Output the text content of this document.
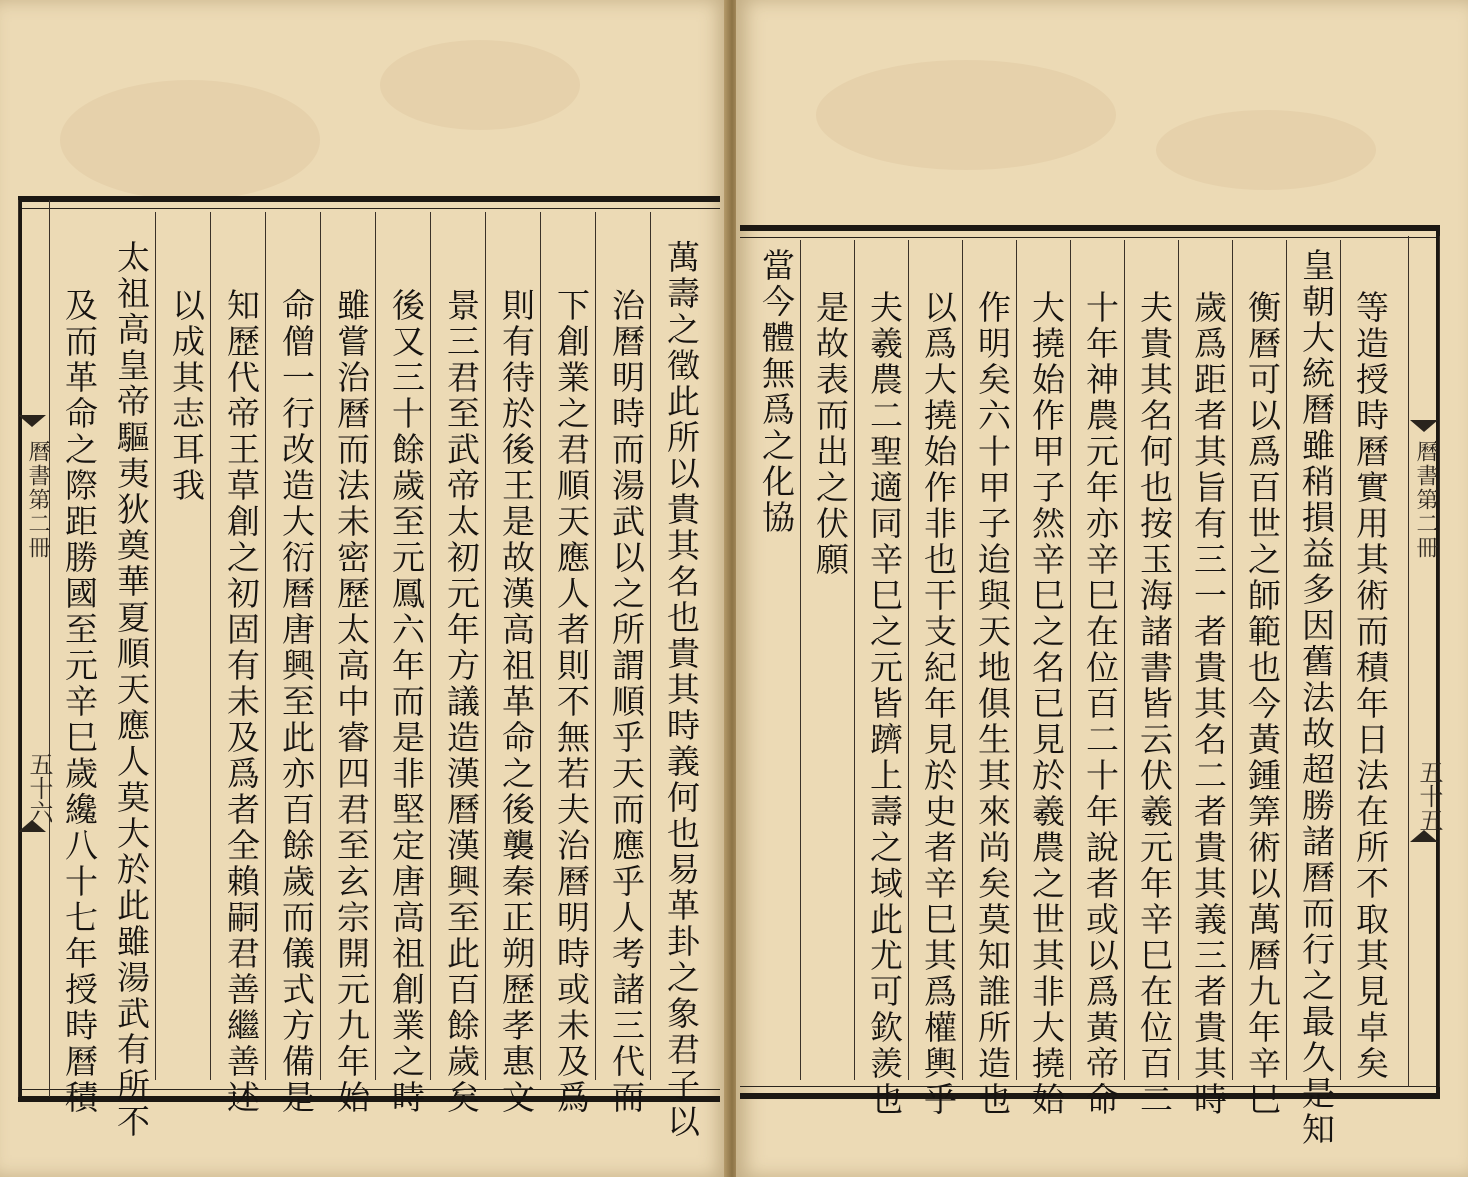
曆書第二冊
五十六	萬壽之徵此所以貴其名也貴其時義何也易革卦之象君子以
治曆明時而湯武以之所謂順乎天而應乎人考諸三代而
下創業之君順天應人者則不無若夫治曆明時或未及爲
則有待於後王是故漢高祖革命之後襲秦正朔歷孝惠文
景三君至武帝太初元年方議造漢曆漢興至此百餘歲矣
後又三十餘歲至元鳳六年而是非堅定唐高祖創業之時
雖嘗治曆而法未密歷太高中睿四君至玄宗開元九年始
命僧一行改造大衍曆唐興至此亦百餘歲而儀式方備是
知歷代帝王草創之初固有未及爲者全賴嗣君善繼善述
以成其志耳我
太祖高皇帝驅夷狄奠華夏順天應人莫大於此雖湯武有所不
及而革命之際距勝國至元辛巳歲纔八十七年授時曆積	曆書第二冊
五十五
等造授時曆實用其術而積年日法在所不取其見卓矣
皇朝大統曆雖稍損益多因舊法故超勝諸曆而行之最久是知
衡曆可以爲百世之師範也今黃鍾筭術以萬曆九年辛巳
歲爲距者其旨有三一者貴其名二者貴其義三者貴其時
夫貴其名何也按玉海諸書皆云伏羲元年辛巳在位百二
十年神農元年亦辛巳在位百二十年說者或以爲黃帝命
大撓始作甲子然辛巳之名已見於羲農之世其非大撓始
作明矣六十甲子迨與天地俱生其來尚矣莫知誰所造也
以爲大撓始作非也干支紀年見於史者辛巳其爲權輿乎
夫羲農二聖適同辛巳之元皆躋上壽之域此尤可欽羨也
是故表而出之伏願
當今體無爲之化協
